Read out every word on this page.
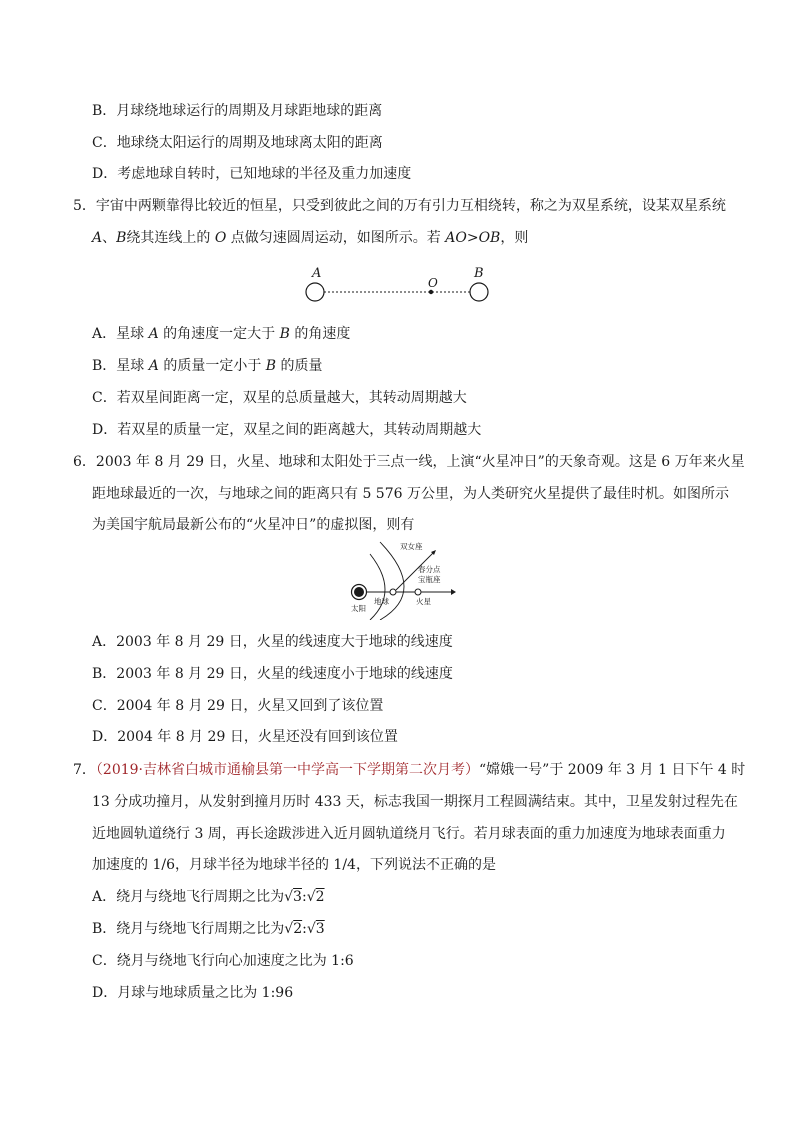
B．月球绕地球运行的周期及月球距地球的距离
C．地球绕太阳运行的周期及地球离太阳的距离
D．考虑地球自转时，已知地球的半径及重力加速度
5．宇宙中两颗靠得比较近的恒星，只受到彼此之间的万有引力互相绕转，称之为双星系统，设某双星系统
A、B绕其连线上的 O 点做匀速圆周运动，如图所示。若 AO>OB，则
A
O
B
A．星球 A 的角速度一定大于 B 的角速度
B．星球 A 的质量一定小于 B 的质量
C．若双星间距离一定，双星的总质量越大，其转动周期越大
D．若双星的质量一定，双星之间的距离越大，其转动周期越大
6．2003 年 8 月 29 日，火星、地球和太阳处于三点一线，上演“火星冲日”的天象奇观。这是 6 万年来火星
距地球最近的一次，与地球之间的距离只有 5 576 万公里，为人类研究火星提供了最佳时机。如图所示
为美国宇航局最新公布的“火星冲日”的虚拟图，则有
双女座
春分点
宝瓶座
太阳
地球	火星
A．2003 年 8 月 29 日，火星的线速度大于地球的线速度
B．2003 年 8 月 29 日，火星的线速度小于地球的线速度
C．2004 年 8 月 29 日，火星又回到了该位置
D．2004 年 8 月 29 日，火星还没有回到该位置
7．（2019·吉林省白城市通榆县第一中学高一下学期第二次月考）“嫦娥一号”于 2009 年 3 月 1 日下午 4 时
13 分成功撞月，从发射到撞月历时 433 天，标志我国一期探月工程圆满结束。其中，卫星发射过程先在
近地圆轨道绕行 3 周，再长途跋涉进入近月圆轨道绕月飞行。若月球表面的重力加速度为地球表面重力
加速度的 1/6，月球半径为地球半径的 1/4，下列说法不正确的是
A．绕月与绕地飞行周期之比为√3:√2
B．绕月与绕地飞行周期之比为√2:√3
C．绕月与绕地飞行向心加速度之比为 1:6
D．月球与地球质量之比为 1:96
